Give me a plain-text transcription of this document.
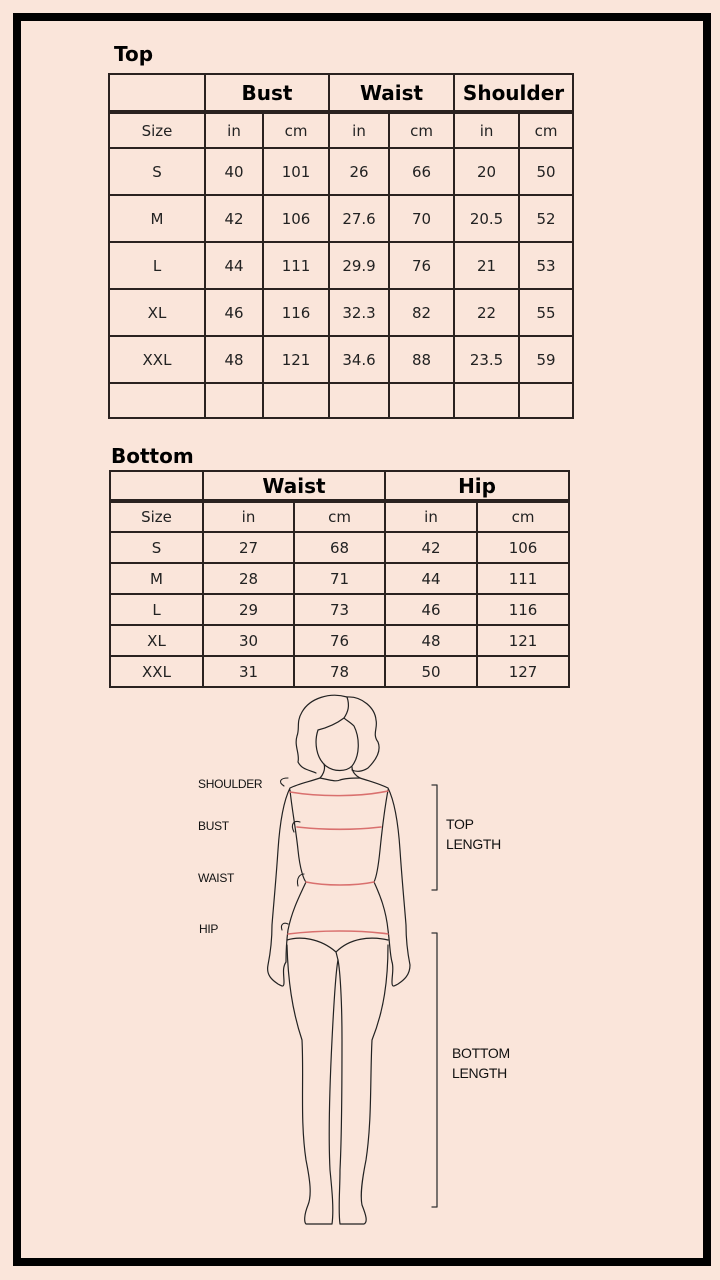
Top
	Bust		Waist		Shoulder	
Size	in	cm	in	cm	in	cm
S	40	101	26	66	20	50
M	42	106	27.6	70	20.5	52
L	44	111	29.9	76	21	53
XL	46	116	32.3	82	22	55
XXL	48	121	34.6	88	23.5	59

Bottom
	Waist		Hip	
Size	in	cm	in	cm
S	27	68	42	106
M	28	71	44	111
L	29	73	46	116
XL	30	76	48	121
XXL	31	78	50	127
SHOULDER
BUST
WAIST
HIP
TOP
LENGTH
BOTTOM
LENGTH
